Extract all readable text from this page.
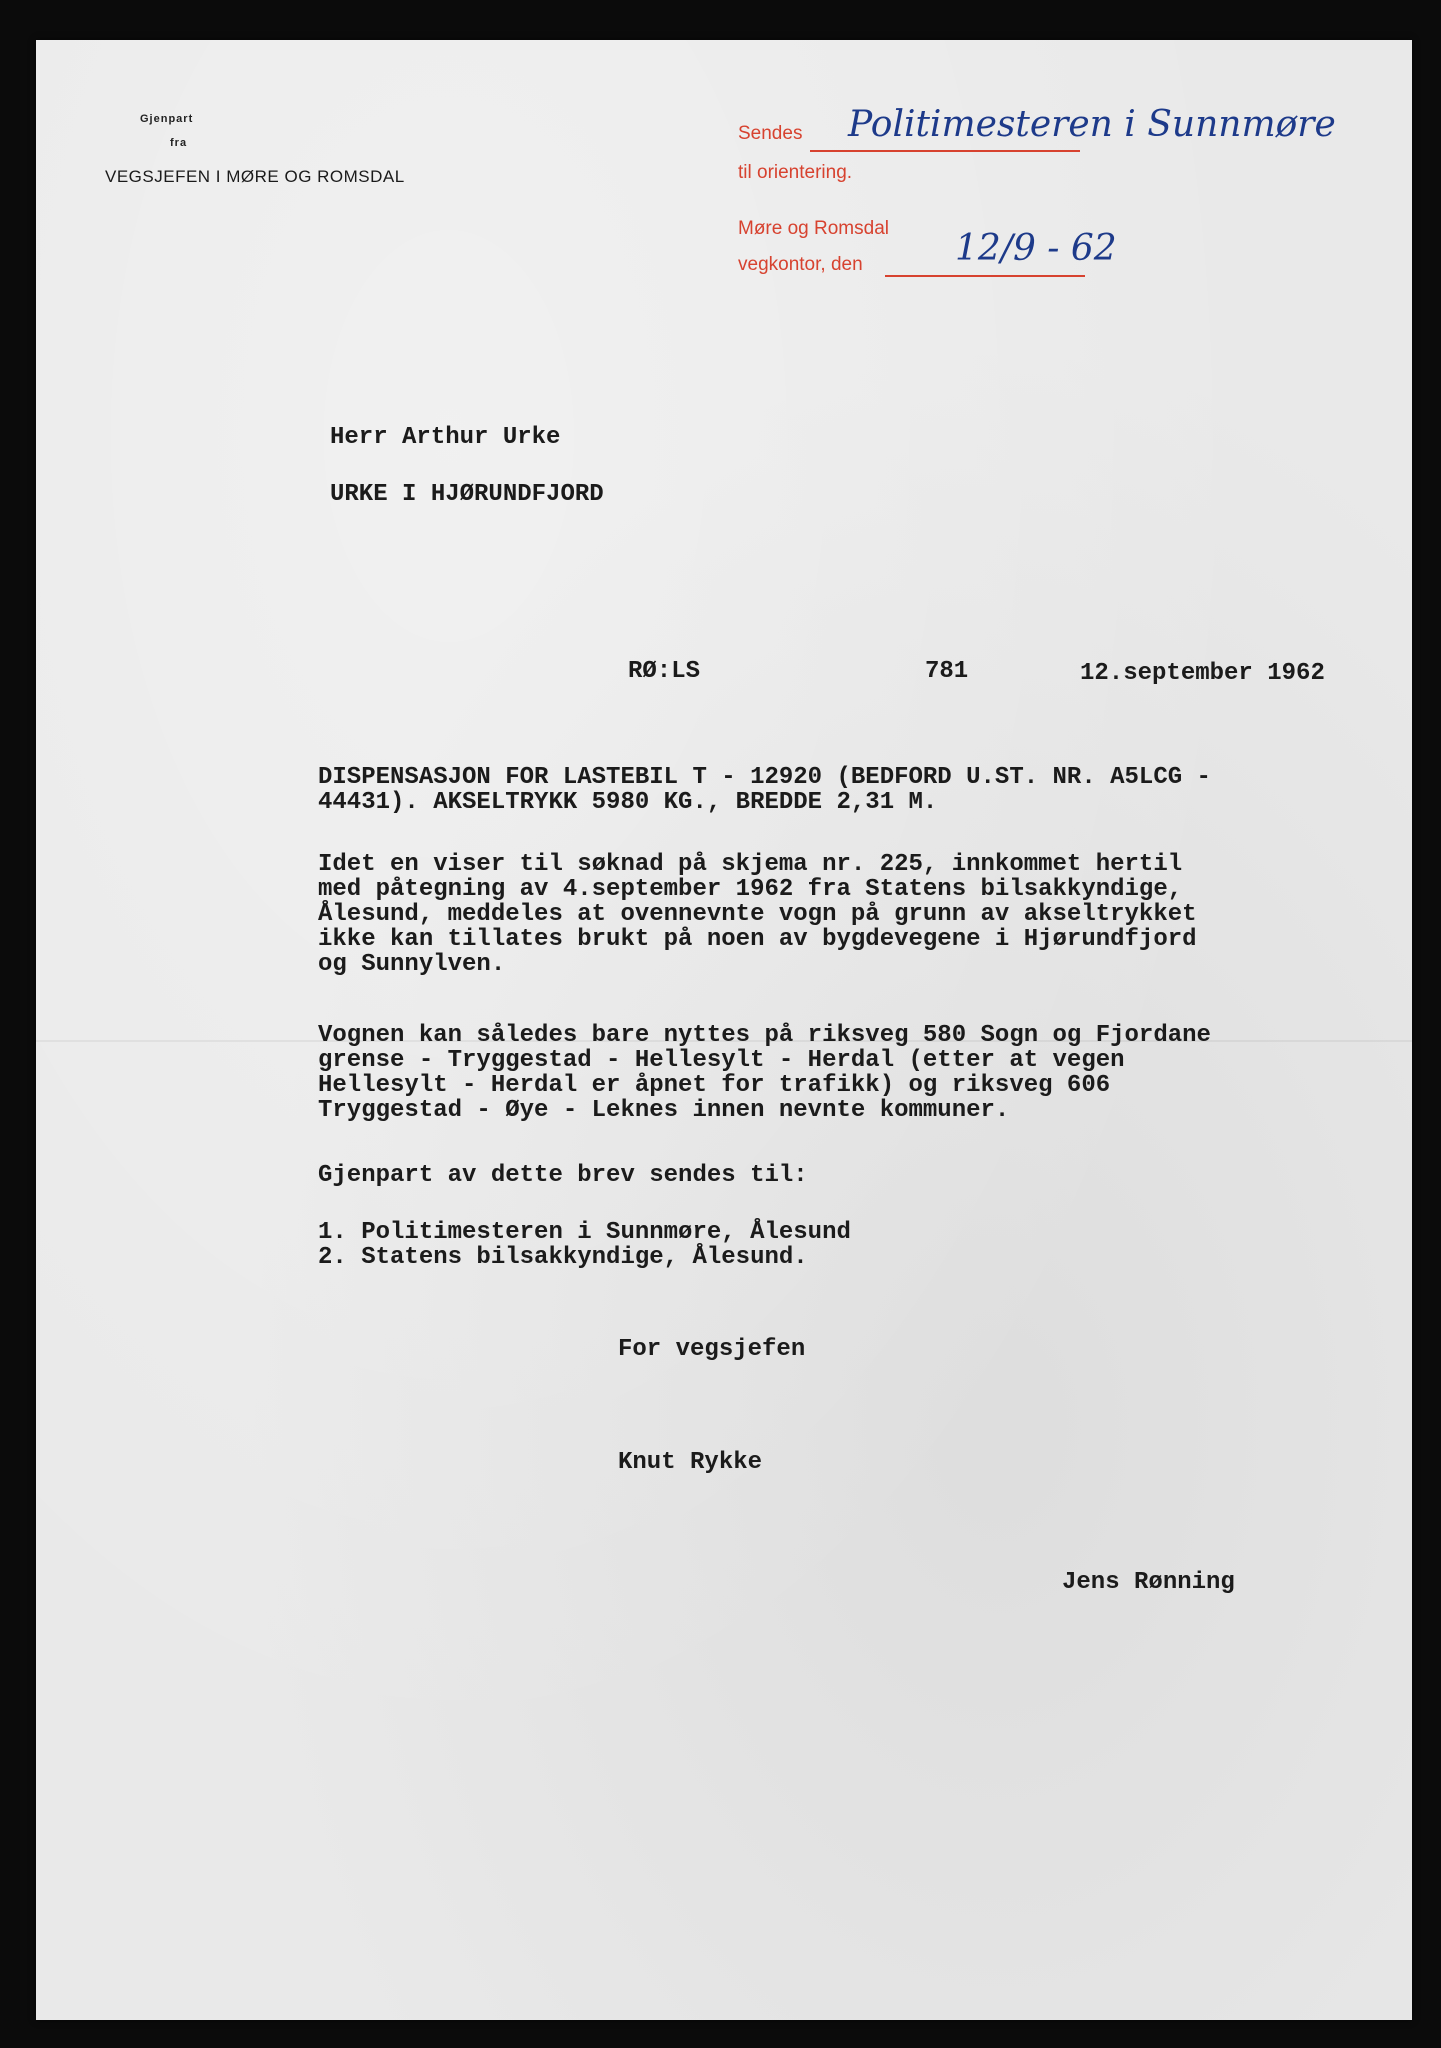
Gjenpart
fra
VEGSJEFEN I MØRE OG ROMSDAL
Sendes Politimesteren i Sunnmøre
til orientering.
Møre og Romsdal
vegkontor, den	12/9 - 62
Herr Arthur Urke
URKE I HJØRUNDFJORD
RØ:LS	781	12.september 1962
DISPENSASJON FOR LASTEBIL T - 12920 (BEDFORD U.ST. NR. A5LCG -
44431). AKSELTRYKK 5980 KG., BREDDE 2,31 M.
Idet en viser til søknad på skjema nr. 225, innkommet hertil
med påtegning av 4.september 1962 fra Statens bilsakkyndige,
Ålesund, meddeles at ovennevnte vogn på grunn av akseltrykket
ikke kan tillates brukt på noen av bygdevegene i Hjørundfjord
og Sunnylven.
Vognen kan således bare nyttes på riksveg 580 Sogn og Fjordane
grense - Tryggestad - Hellesylt - Herdal (etter at vegen
Hellesylt - Herdal er åpnet for trafikk) og riksveg 606
Tryggestad - Øye - Leknes innen nevnte kommuner.
Gjenpart av dette brev sendes til:
1. Politimesteren i Sunnmøre, Ålesund
2. Statens bilsakkyndige, Ålesund.
For vegsjefen
Knut Rykke
Jens Rønning
